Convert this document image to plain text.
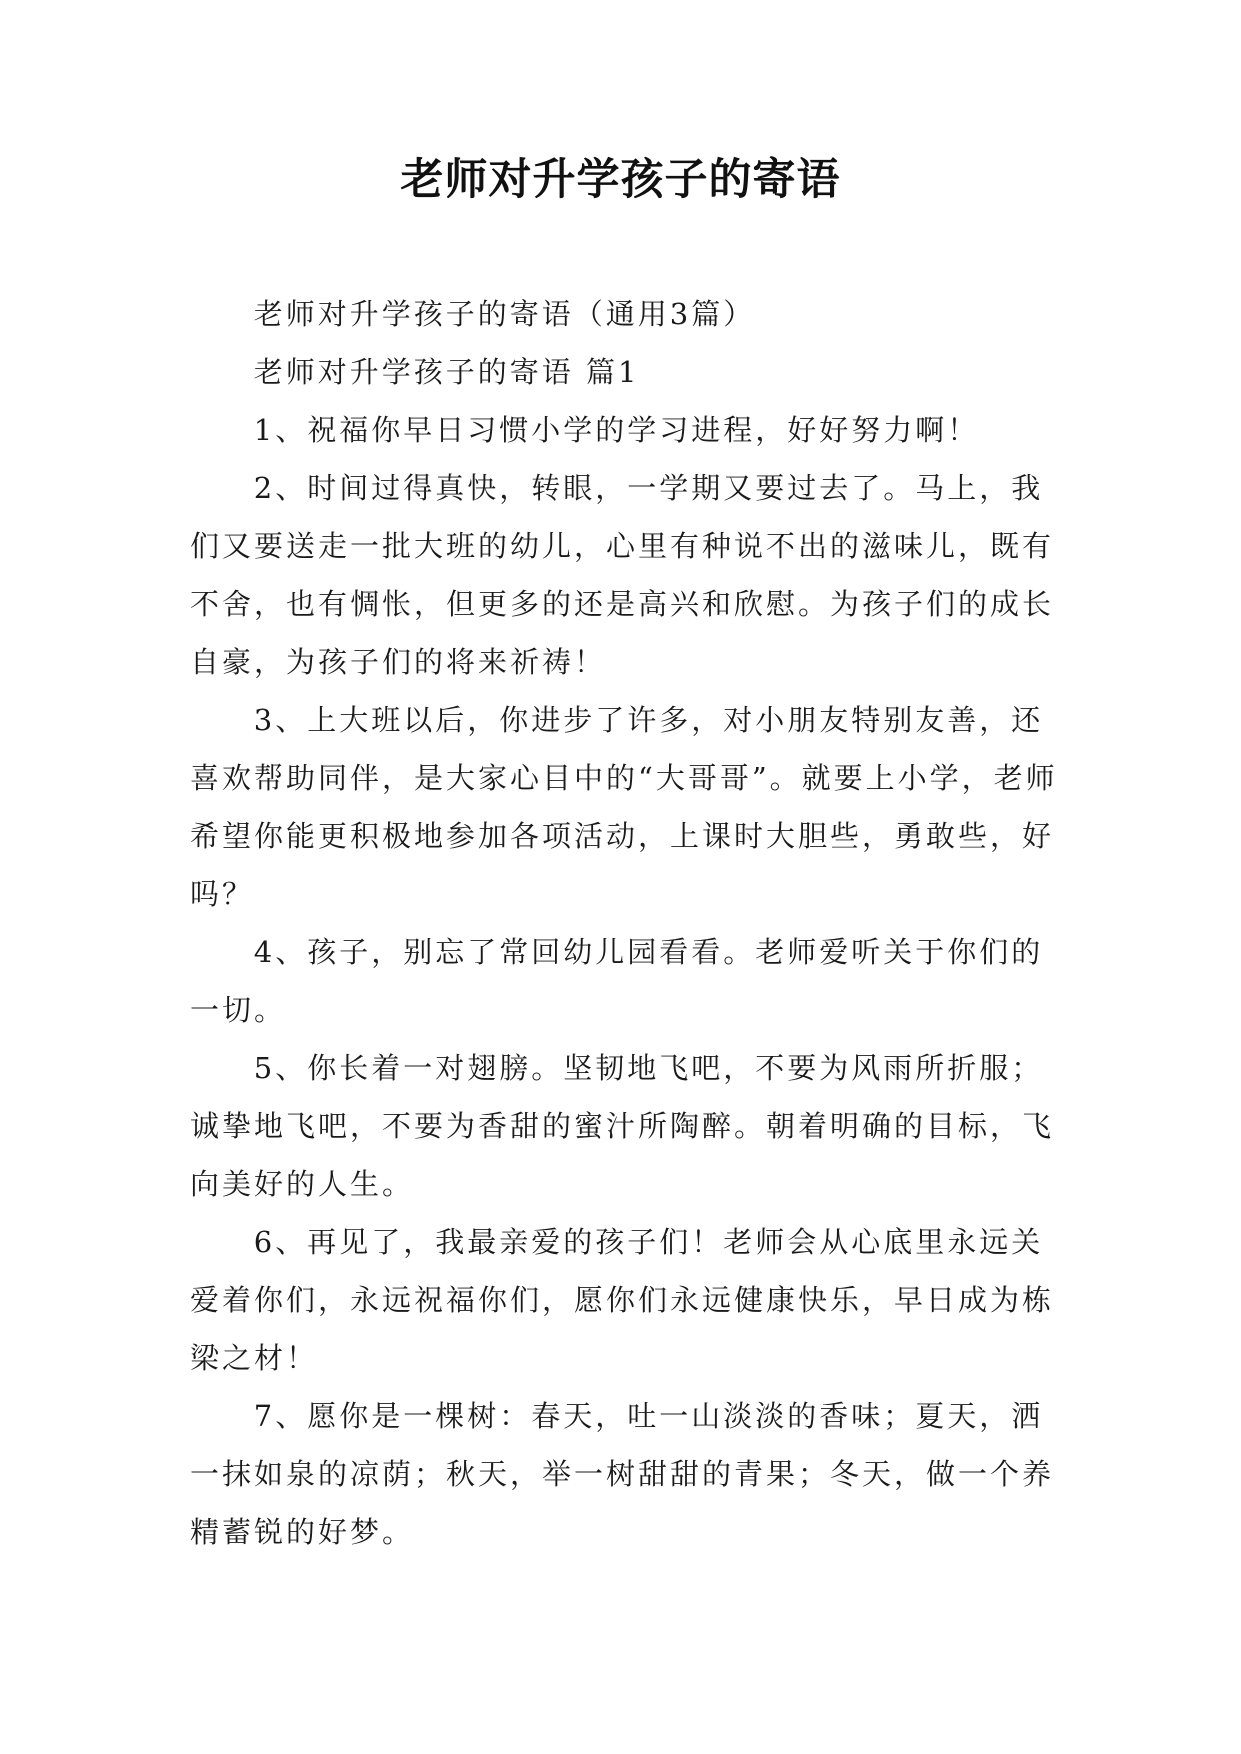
老师对升学孩子的寄语

老师对升学孩子的寄语（通用3篇）

老师对升学孩子的寄语 篇1

1、祝福你早日习惯小学的学习进程，好好努力啊！

2、时间过得真快，转眼，一学期又要过去了。马上，我们又要送走一批大班的幼儿，心里有种说不出的滋味儿，既有不舍，也有惆怅，但更多的还是高兴和欣慰。为孩子们的成长自豪，为孩子们的将来祈祷！

3、上大班以后，你进步了许多，对小朋友特别友善，还喜欢帮助同伴，是大家心目中的“大哥哥”。就要上小学，老师希望你能更积极地参加各项活动，上课时大胆些，勇敢些，好吗？

4、孩子，别忘了常回幼儿园看看。老师爱听关于你们的一切。

5、你长着一对翅膀。坚韧地飞吧，不要为风雨所折服；诚挚地飞吧，不要为香甜的蜜汁所陶醉。朝着明确的目标，飞向美好的人生。

6、再见了，我最亲爱的孩子们！老师会从心底里永远关爱着你们，永远祝福你们，愿你们永远健康快乐，早日成为栋梁之材！

7、愿你是一棵树：春天，吐一山淡淡的香味；夏天，洒一抹如泉的凉荫；秋天，举一树甜甜的青果；冬天，做一个养精蓄锐的好梦。
